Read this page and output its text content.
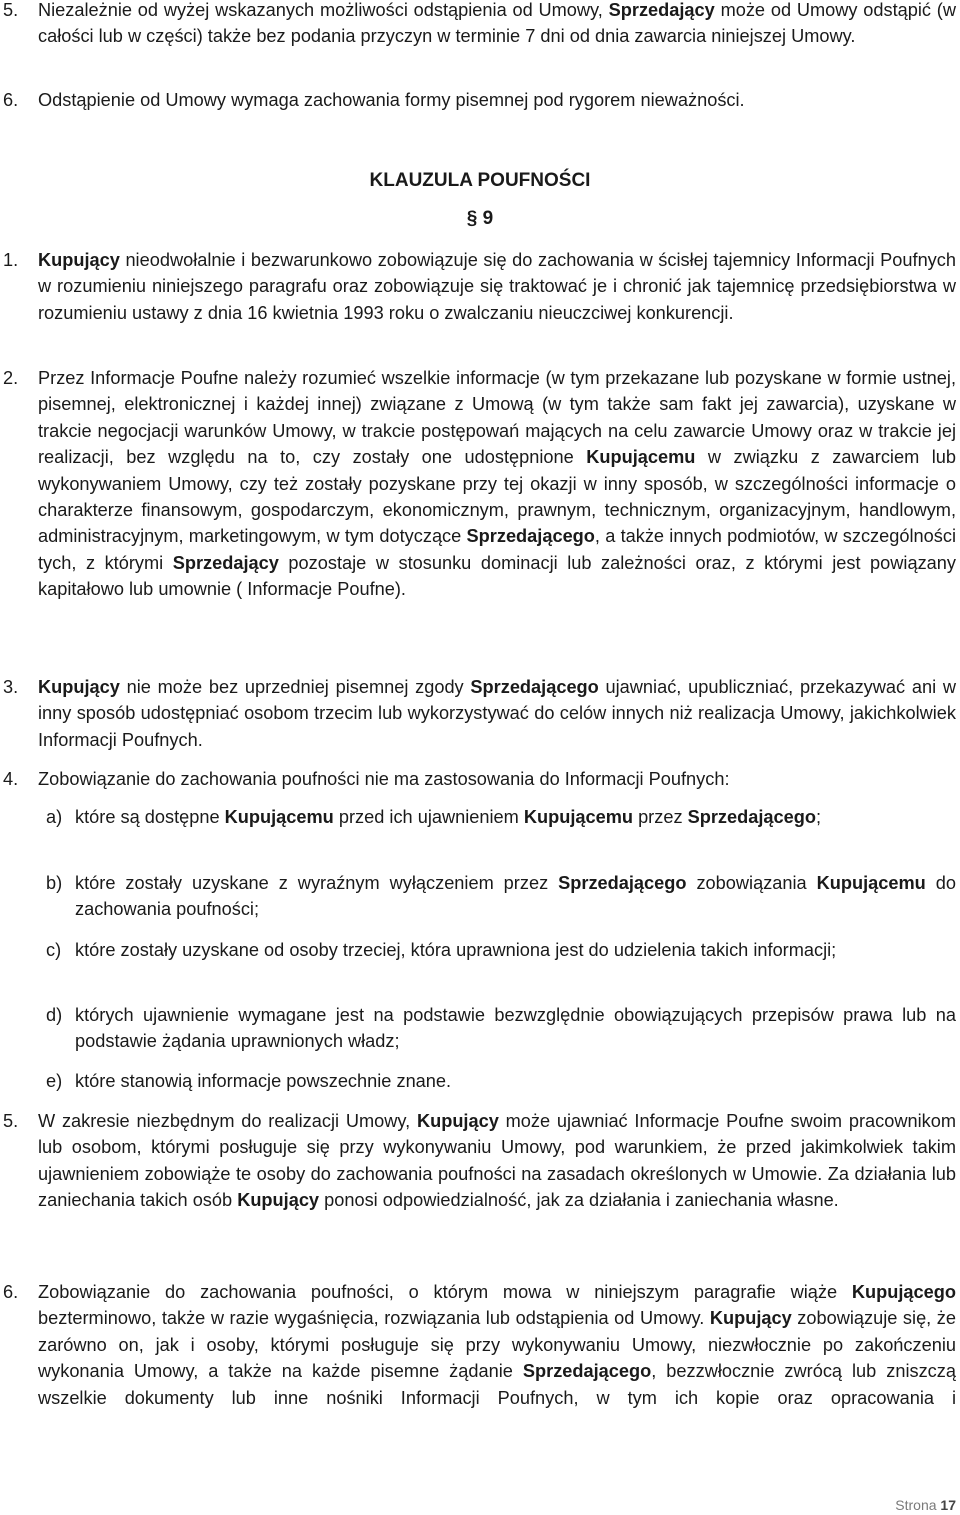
5. Niezależnie od wyżej wskazanych możliwości odstąpienia od Umowy, Sprzedający może od Umowy odstąpić (w całości lub w części) także bez podania przyczyn w terminie 7 dni od dnia zawarcia niniejszej Umowy.
6. Odstąpienie od Umowy wymaga zachowania formy pisemnej pod rygorem nieważności.
KLAUZULA POUFNOŚCI
§ 9
1. Kupujący nieodwołalnie i bezwarunkowo zobowiązuje się do zachowania w ścisłej tajemnicy Informacji Poufnych w rozumieniu niniejszego paragrafu oraz zobowiązuje się traktować je i chronić jak tajemnicę przedsiębiorstwa w rozumieniu ustawy z dnia 16 kwietnia 1993 roku o zwalczaniu nieuczciwej konkurencji.
2. Przez Informacje Poufne należy rozumieć wszelkie informacje (w tym przekazane lub pozyskane w formie ustnej, pisemnej, elektronicznej i każdej innej) związane z Umową (w tym także sam fakt jej zawarcia), uzyskane w trakcie negocjacji warunków Umowy, w trakcie postępowań mających na celu zawarcie Umowy oraz w trakcie jej realizacji, bez względu na to, czy zostały one udostępnione Kupującemu w związku z zawarciem lub wykonywaniem Umowy, czy też zostały pozyskane przy tej okazji w inny sposób, w szczególności informacje o charakterze finansowym, gospodarczym, ekonomicznym, prawnym, technicznym, organizacyjnym, handlowym, administracyjnym, marketingowym, w tym dotyczące Sprzedającego, a także innych podmiotów, w szczególności tych, z którymi Sprzedający pozostaje w stosunku dominacji lub zależności oraz, z którymi jest powiązany kapitałowo lub umownie ( Informacje Poufne).
3. Kupujący nie może bez uprzedniej pisemnej zgody Sprzedającego ujawniać, upubliczniać, przekazywać ani w inny sposób udostępniać osobom trzecim lub wykorzystywać do celów innych niż realizacja Umowy, jakichkolwiek Informacji Poufnych.
4. Zobowiązanie do zachowania poufności nie ma zastosowania do Informacji Poufnych:
a) które są dostępne Kupującemu przed ich ujawnieniem Kupującemu przez Sprzedającego;
b) które zostały uzyskane z wyraźnym wyłączeniem przez Sprzedającego zobowiązania Kupującemu do zachowania poufności;
c) które zostały uzyskane od osoby trzeciej, która uprawniona jest do udzielenia takich informacji;
d) których ujawnienie wymagane jest na podstawie bezwzględnie obowiązujących przepisów prawa lub na podstawie żądania uprawnionych władz;
e) które stanowią informacje powszechnie znane.
5. W zakresie niezbędnym do realizacji Umowy, Kupujący może ujawniać Informacje Poufne swoim pracownikom lub osobom, którymi posługuje się przy wykonywaniu Umowy, pod warunkiem, że przed jakimkolwiek takim ujawnieniem zobowiąże te osoby do zachowania poufności na zasadach określonych w Umowie. Za działania lub zaniechania takich osób Kupujący ponosi odpowiedzialność, jak za działania i zaniechania własne.
6. Zobowiązanie do zachowania poufności, o którym mowa w niniejszym paragrafie wiąże Kupującego bezterminowo, także w razie wygaśnięcia, rozwiązania lub odstąpienia od Umowy. Kupujący zobowiązuje się, że zarówno on, jak i osoby, którymi posługuje się przy wykonywaniu Umowy, niezwłocznie po zakończeniu wykonania Umowy, a także na każde pisemne żądanie Sprzedającego, bezzwłocznie zwrócą lub zniszczą wszelkie dokumenty lub inne nośniki Informacji Poufnych, w tym ich kopie oraz opracowania i
Strona 17
